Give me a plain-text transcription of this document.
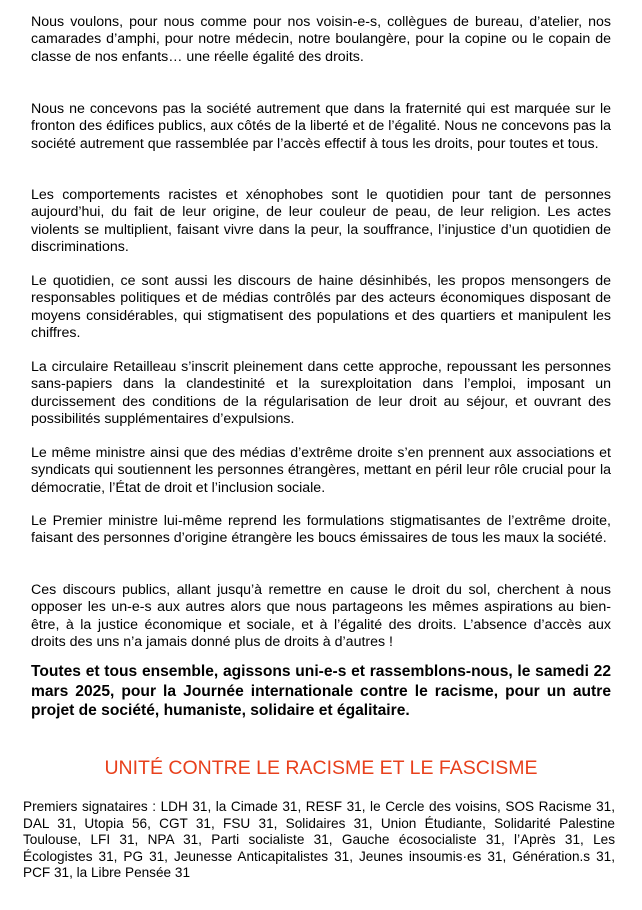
Nous voulons, pour nous comme pour nos voisin-e-s, collègues de bureau, d’atelier, nos camarades d’amphi, pour notre médecin, notre boulangère, pour la copine ou le copain de classe de nos enfants… une réelle égalité des droits.

Nous ne concevons pas la société autrement que dans la fraternité qui est marquée sur le fronton des édifices publics, aux côtés de la liberté et de l’égalité. Nous ne concevons pas la société autrement que rassemblée par l’accès effectif à tous les droits, pour toutes et tous.

Les comportements racistes et xénophobes sont le quotidien pour tant de personnes aujourd’hui, du fait de leur origine, de leur couleur de peau, de leur religion. Les actes violents se multiplient, faisant vivre dans la peur, la souffrance, l’injustice d’un quotidien de discriminations.

Le quotidien, ce sont aussi les discours de haine désinhibés, les propos mensongers de responsables politiques et de médias contrôlés par des acteurs économiques disposant de moyens considérables, qui stigmatisent des populations et des quartiers et manipulent les chiffres.

La circulaire Retailleau s’inscrit pleinement dans cette approche, repoussant les personnes sans-papiers dans la clandestinité et la surexploitation dans l’emploi, imposant un durcissement des conditions de la régularisation de leur droit au séjour, et ouvrant des possibilités supplémentaires d’expulsions.

Le même ministre ainsi que des médias d’extrême droite s’en prennent aux associations et syndicats qui soutiennent les personnes étrangères, mettant en péril leur rôle crucial pour la démocratie, l’État de droit et l’inclusion sociale.

Le Premier ministre lui-même reprend les formulations stigmatisantes de l’extrême droite, faisant des personnes d’origine étrangère les boucs émissaires de tous les maux la société.

Ces discours publics, allant jusqu’à remettre en cause le droit du sol, cherchent à nous opposer les un-e-s aux autres alors que nous partageons les mêmes aspirations au bien-être, à la justice économique et sociale, et à l’égalité des droits. L’absence d’accès aux droits des uns n’a jamais donné plus de droits à d’autres !

Toutes et tous ensemble, agissons uni-e-s et rassemblons-nous, le samedi 22 mars 2025, pour la Journée internationale contre le racisme, pour un autre projet de société, humaniste, solidaire et égalitaire.

UNITÉ CONTRE LE RACISME ET LE FASCISME

Premiers signataires : LDH 31, la Cimade 31, RESF 31, le Cercle des voisins, SOS Racisme 31, DAL 31, Utopia 56, CGT 31, FSU 31, Solidaires 31, Union Étudiante, Solidarité Palestine Toulouse, LFI 31, NPA 31, Parti socialiste 31, Gauche écosocialiste 31, l’Après 31, Les Écologistes 31, PG 31, Jeunesse Anticapitalistes 31, Jeunes insoumis·es 31, Génération.s 31, PCF 31, la Libre Pensée 31
